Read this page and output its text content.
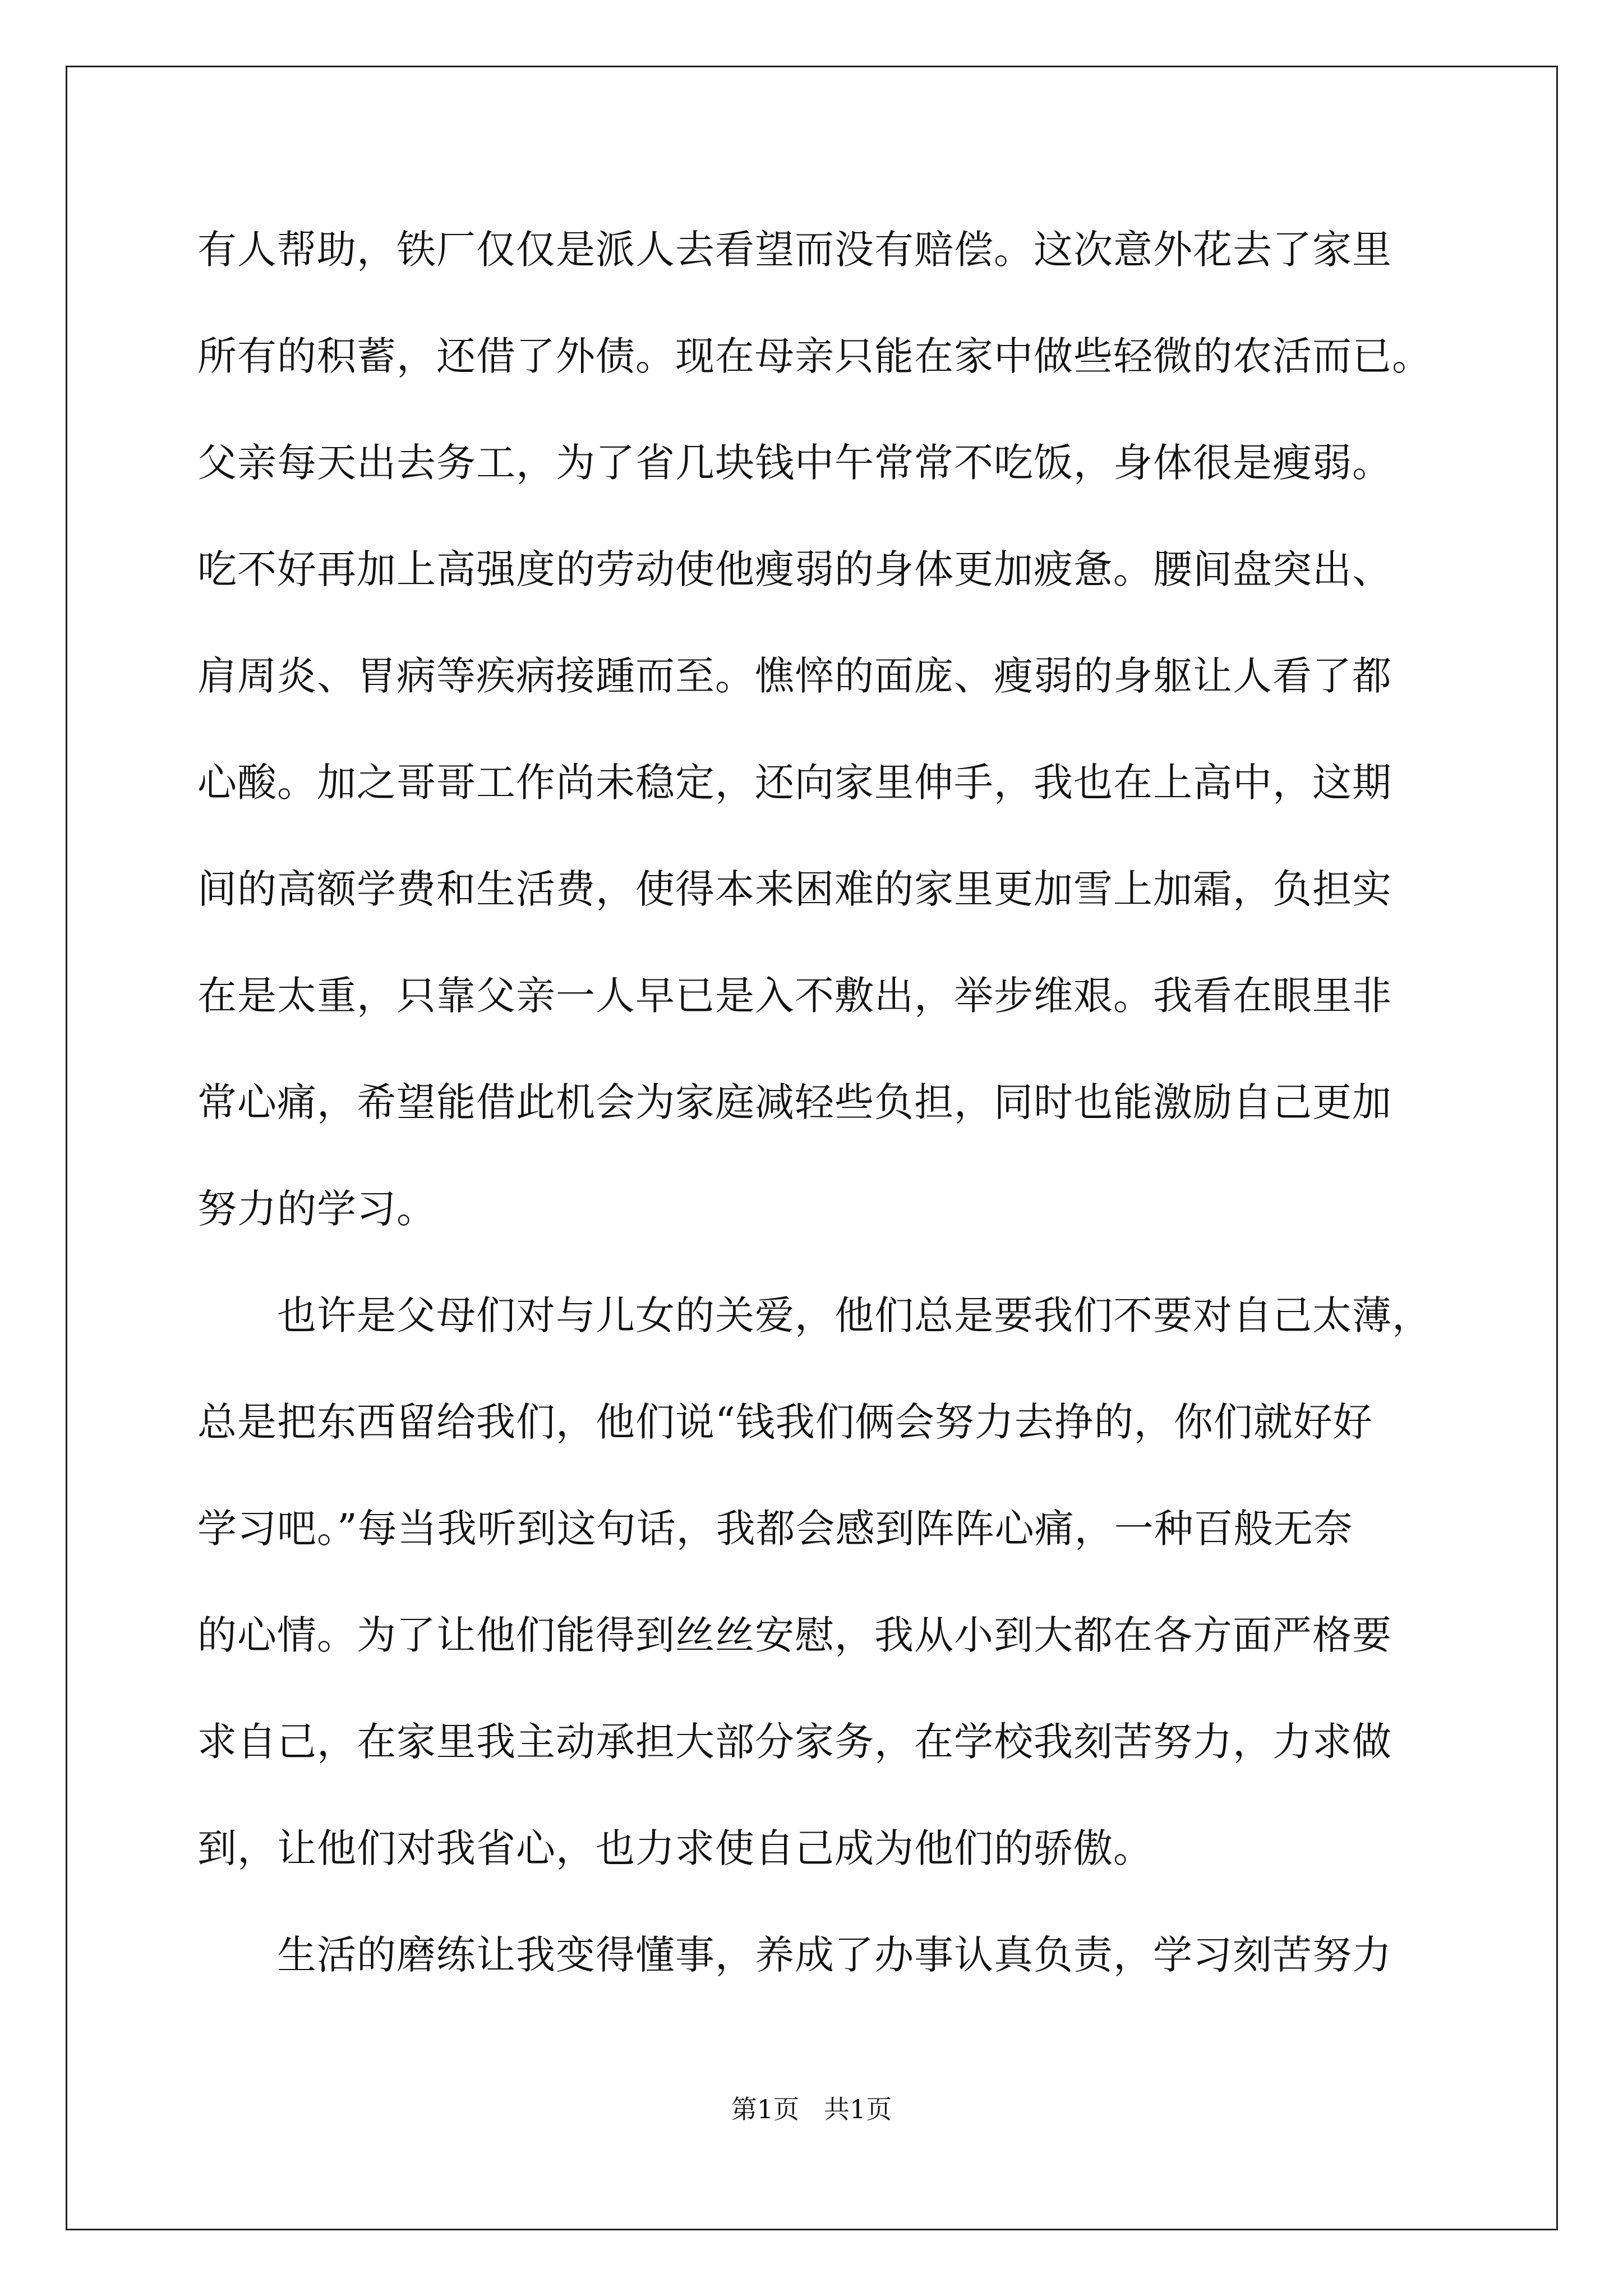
有人帮助，铁厂仅仅是派人去看望而没有赔偿。这次意外花去了家里
所有的积蓄，还借了外债。现在母亲只能在家中做些轻微的农活而已。
父亲每天出去务工，为了省几块钱中午常常不吃饭，身体很是瘦弱。
吃不好再加上高强度的劳动使他瘦弱的身体更加疲惫。腰间盘突出、
肩周炎、胃病等疾病接踵而至。憔悴的面庞、瘦弱的身躯让人看了都
心酸。加之哥哥工作尚未稳定，还向家里伸手，我也在上高中，这期
间的高额学费和生活费，使得本来困难的家里更加雪上加霜，负担实
在是太重，只靠父亲一人早已是入不敷出，举步维艰。我看在眼里非
常心痛，希望能借此机会为家庭减轻些负担，同时也能激励自己更加
努力的学习。
　　也许是父母们对与儿女的关爱，他们总是要我们不要对自己太薄，
总是把东西留给我们，他们说“钱我们俩会努力去挣的，你们就好好
学习吧。”每当我听到这句话，我都会感到阵阵心痛，一种百般无奈
的心情。为了让他们能得到丝丝安慰，我从小到大都在各方面严格要
求自己，在家里我主动承担大部分家务，在学校我刻苦努力，力求做
到，让他们对我省心，也力求使自己成为他们的骄傲。
　　生活的磨练让我变得懂事，养成了办事认真负责，学习刻苦努力
第1页   共1页
